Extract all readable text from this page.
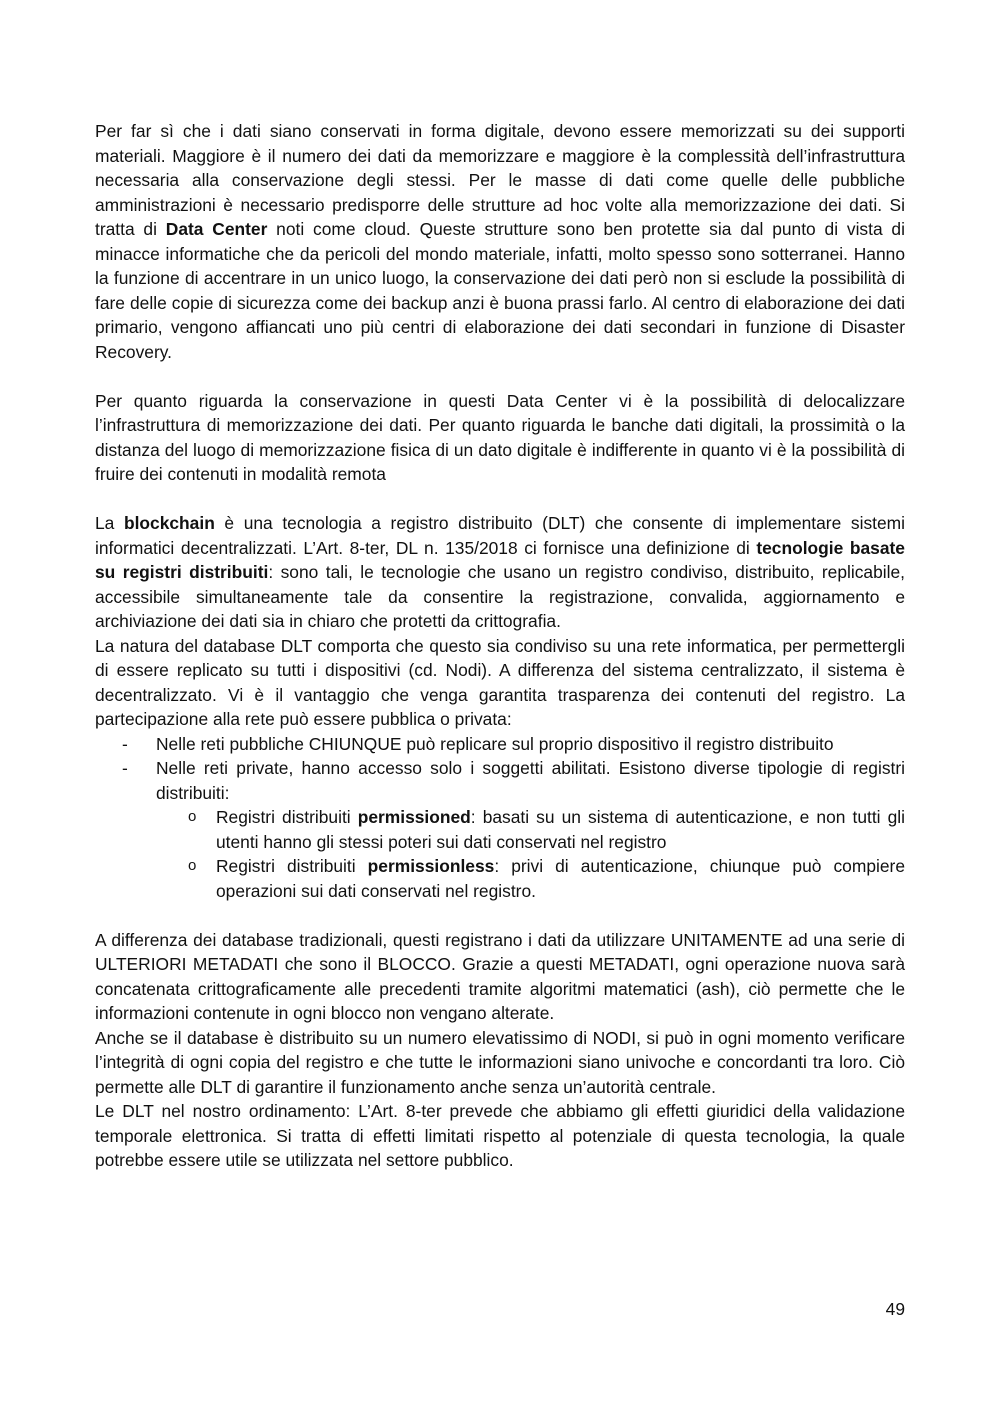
Per far sì che i dati siano conservati in forma digitale, devono essere memorizzati su dei supporti materiali. Maggiore è il numero dei dati da memorizzare e maggiore è la complessità dell’infrastruttura necessaria alla conservazione degli stessi. Per le masse di dati come quelle delle pubbliche amministrazioni è necessario predisporre delle strutture ad hoc volte alla memorizzazione dei dati. Si tratta di Data Center noti come cloud. Queste strutture sono ben protette sia dal punto di vista di minacce informatiche che da pericoli del mondo materiale, infatti, molto spesso sono sotterranei. Hanno la funzione di accentrare in un unico luogo, la conservazione dei dati però non si esclude la possibilità di fare delle copie di sicurezza come dei backup anzi è buona prassi farlo. Al centro di elaborazione dei dati primario, vengono affiancati uno più centri di elaborazione dei dati secondari in funzione di Disaster Recovery.

Per quanto riguarda la conservazione in questi Data Center vi è la possibilità di delocalizzare l’infrastruttura di memorizzazione dei dati. Per quanto riguarda le banche dati digitali, la prossimità o la distanza del luogo di memorizzazione fisica di un dato digitale è indifferente in quanto vi è la possibilità di fruire dei contenuti in modalità remota

La blockchain è una tecnologia a registro distribuito (DLT) che consente di implementare sistemi informatici decentralizzati. L’Art. 8-ter, DL n. 135/2018 ci fornisce una definizione di tecnologie basate su registri distribuiti: sono tali, le tecnologie che usano un registro condiviso, distribuito, replicabile, accessibile simultaneamente tale da consentire la registrazione, convalida, aggiornamento e archiviazione dei dati sia in chiaro che protetti da crittografia.

La natura del database DLT comporta che questo sia condiviso su una rete informatica, per permettergli di essere replicato su tutti i dispositivi (cd. Nodi). A differenza del sistema centralizzato, il sistema è decentralizzato. Vi è il vantaggio che venga garantita trasparenza dei contenuti del registro. La partecipazione alla rete può essere pubblica o privata:

- Nelle reti pubbliche CHIUNQUE può replicare sul proprio dispositivo il registro distribuito
- Nelle reti private, hanno accesso solo i soggetti abilitati. Esistono diverse tipologie di registri distribuiti:
o Registri distribuiti permissioned: basati su un sistema di autenticazione, e non tutti gli utenti hanno gli stessi poteri sui dati conservati nel registro
o Registri distribuiti permissionless: privi di autenticazione, chiunque può compiere operazioni sui dati conservati nel registro.

A differenza dei database tradizionali, questi registrano i dati da utilizzare UNITAMENTE ad una serie di ULTERIORI METADATI che sono il BLOCCO. Grazie a questi METADATI, ogni operazione nuova sarà concatenata crittograficamente alle precedenti tramite algoritmi matematici (ash), ciò permette che le informazioni contenute in ogni blocco non vengano alterate.

Anche se il database è distribuito su un numero elevatissimo di NODI, si può in ogni momento verificare l’integrità di ogni copia del registro e che tutte le informazioni siano univoche e concordanti tra loro. Ciò permette alle DLT di garantire il funzionamento anche senza un’autorità centrale.

Le DLT nel nostro ordinamento: L’Art. 8-ter prevede che abbiamo gli effetti giuridici della validazione temporale elettronica. Si tratta di effetti limitati rispetto al potenziale di questa tecnologia, la quale potrebbe essere utile se utilizzata nel settore pubblico.

49
